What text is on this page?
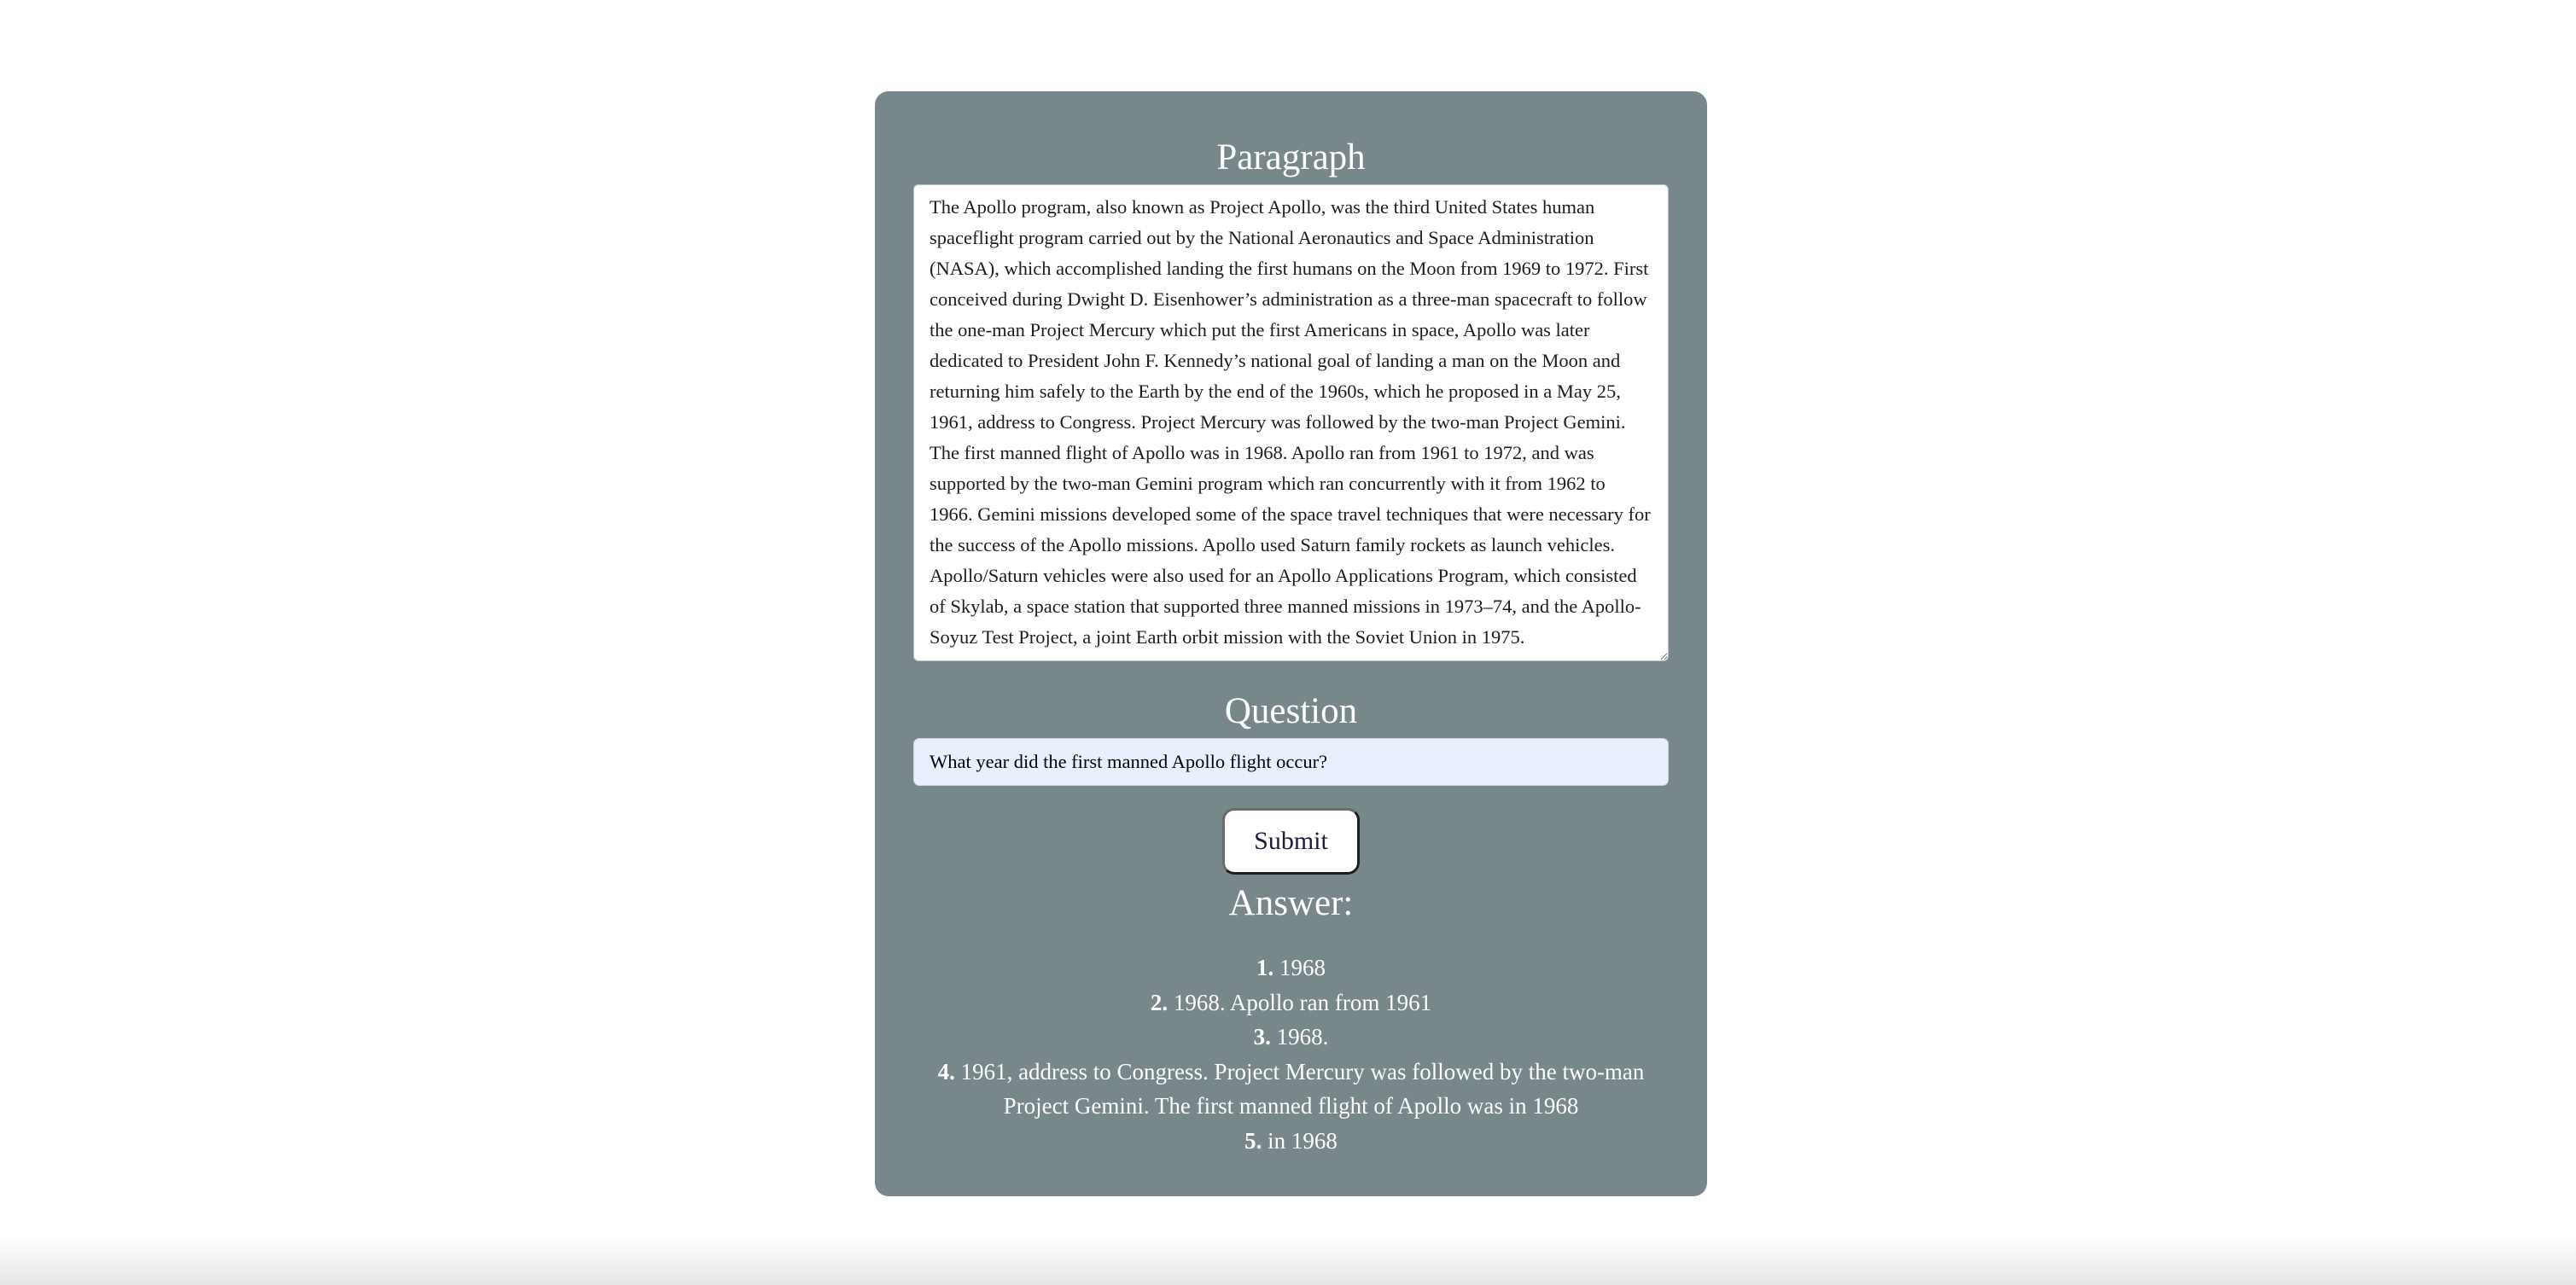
Paragraph
The Apollo program, also known as Project Apollo, was the third United States human spaceflight program carried out by the National Aeronautics and Space Administration (NASA), which accomplished landing the first humans on the Moon from 1969 to 1972. First conceived during Dwight D. Eisenhower’s administration as a three-man spacecraft to follow the one-man Project Mercury which put the first Americans in space, Apollo was later dedicated to President John F. Kennedy’s national goal of landing a man on the Moon and returning him safely to the Earth by the end of the 1960s, which he proposed in a May 25, 1961, address to Congress. Project Mercury was followed by the two-man Project Gemini. The first manned flight of Apollo was in 1968. Apollo ran from 1961 to 1972, and was supported by the two-man Gemini program which ran concurrently with it from 1962 to 1966. Gemini missions developed some of the space travel techniques that were necessary for the success of the Apollo missions. Apollo used Saturn family rockets as launch vehicles. Apollo/Saturn vehicles were also used for an Apollo Applications Program, which consisted of Skylab, a space station that supported three manned missions in 1973–74, and the Apollo-Soyuz Test Project, a joint Earth orbit mission with the Soviet Union in 1975.
Question
What year did the first manned Apollo flight occur?
Submit
Answer:
1. 1968
2. 1968. Apollo ran from 1961
3. 1968.
4. 1961, address to Congress. Project Mercury was followed by the two-man Project Gemini. The first manned flight of Apollo was in 1968
5. in 1968
